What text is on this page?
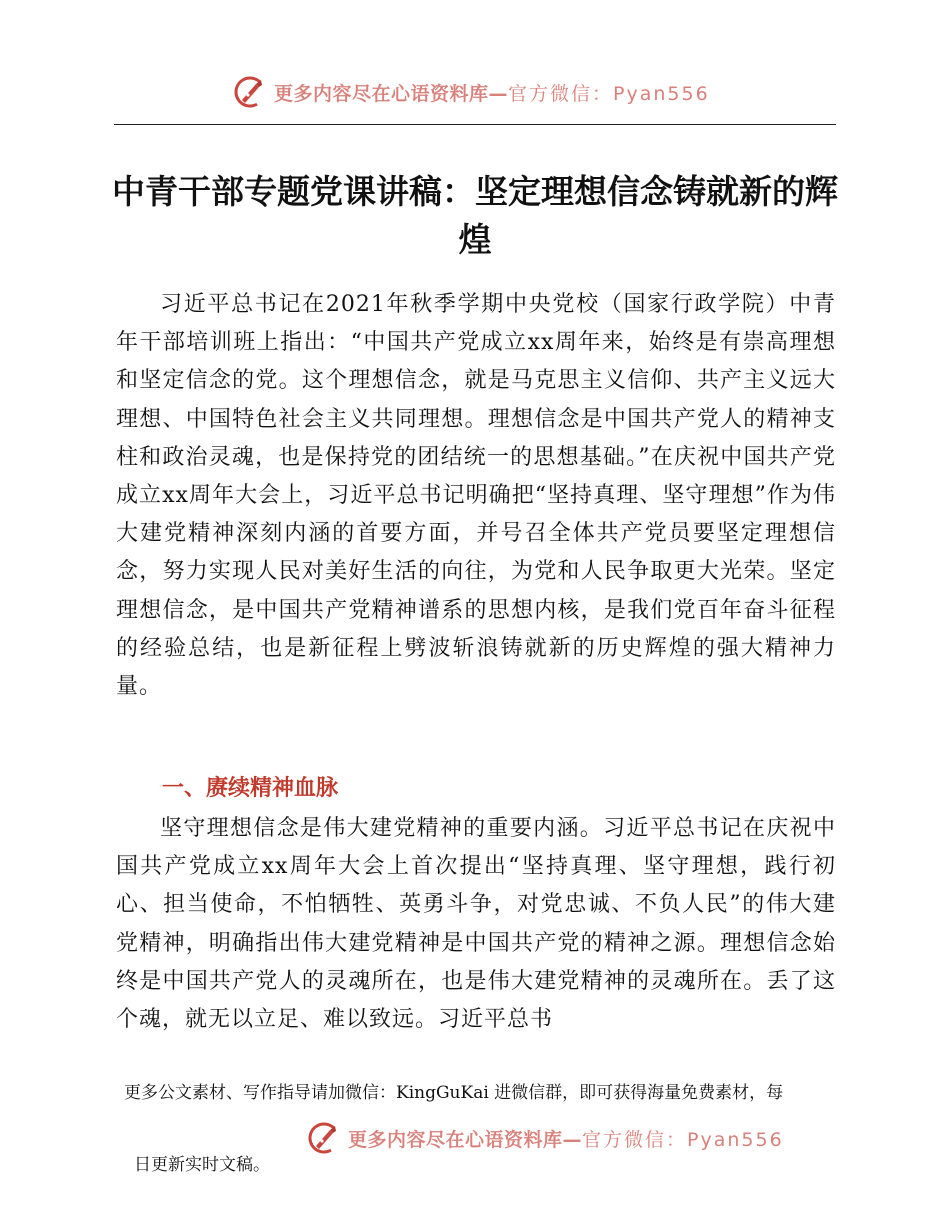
更多内容尽在心语资料库—官方微信：Pyan556
中青干部专题党课讲稿：坚定理想信念铸就新的辉煌

习近平总书记在2021年秋季学期中央党校（国家行政学院）中青年干部培训班上指出：“中国共产党成立xx周年来，始终是有崇高理想和坚定信念的党。这个理想信念，就是马克思主义信仰、共产主义远大理想、中国特色社会主义共同理想。理想信念是中国共产党人的精神支柱和政治灵魂，也是保持党的团结统一的思想基础。”在庆祝中国共产党成立xx周年大会上，习近平总书记明确把“坚持真理、坚守理想”作为伟大建党精神深刻内涵的首要方面，并号召全体共产党员要坚定理想信念，努力实现人民对美好生活的向往，为党和人民争取更大光荣。坚定理想信念，是中国共产党精神谱系的思想内核，是我们党百年奋斗征程的经验总结，也是新征程上劈波斩浪铸就新的历史辉煌的强大精神力量。

一、赓续精神血脉

坚守理想信念是伟大建党精神的重要内涵。习近平总书记在庆祝中国共产党成立xx周年大会上首次提出“坚持真理、坚守理想，践行初心、担当使命，不怕牺牲、英勇斗争，对党忠诚、不负人民”的伟大建党精神，明确指出伟大建党精神是中国共产党的精神之源。理想信念始终是中国共产党人的灵魂所在，也是伟大建党精神的灵魂所在。丢了这个魂，就无以立足、难以致远。习近平总书

更多公文素材、写作指导请加微信：KingGuKai 进微信群，即可获得海量免费素材，每

更多内容尽在心语资料库—官方微信：Pyan556

日更新实时文稿。
